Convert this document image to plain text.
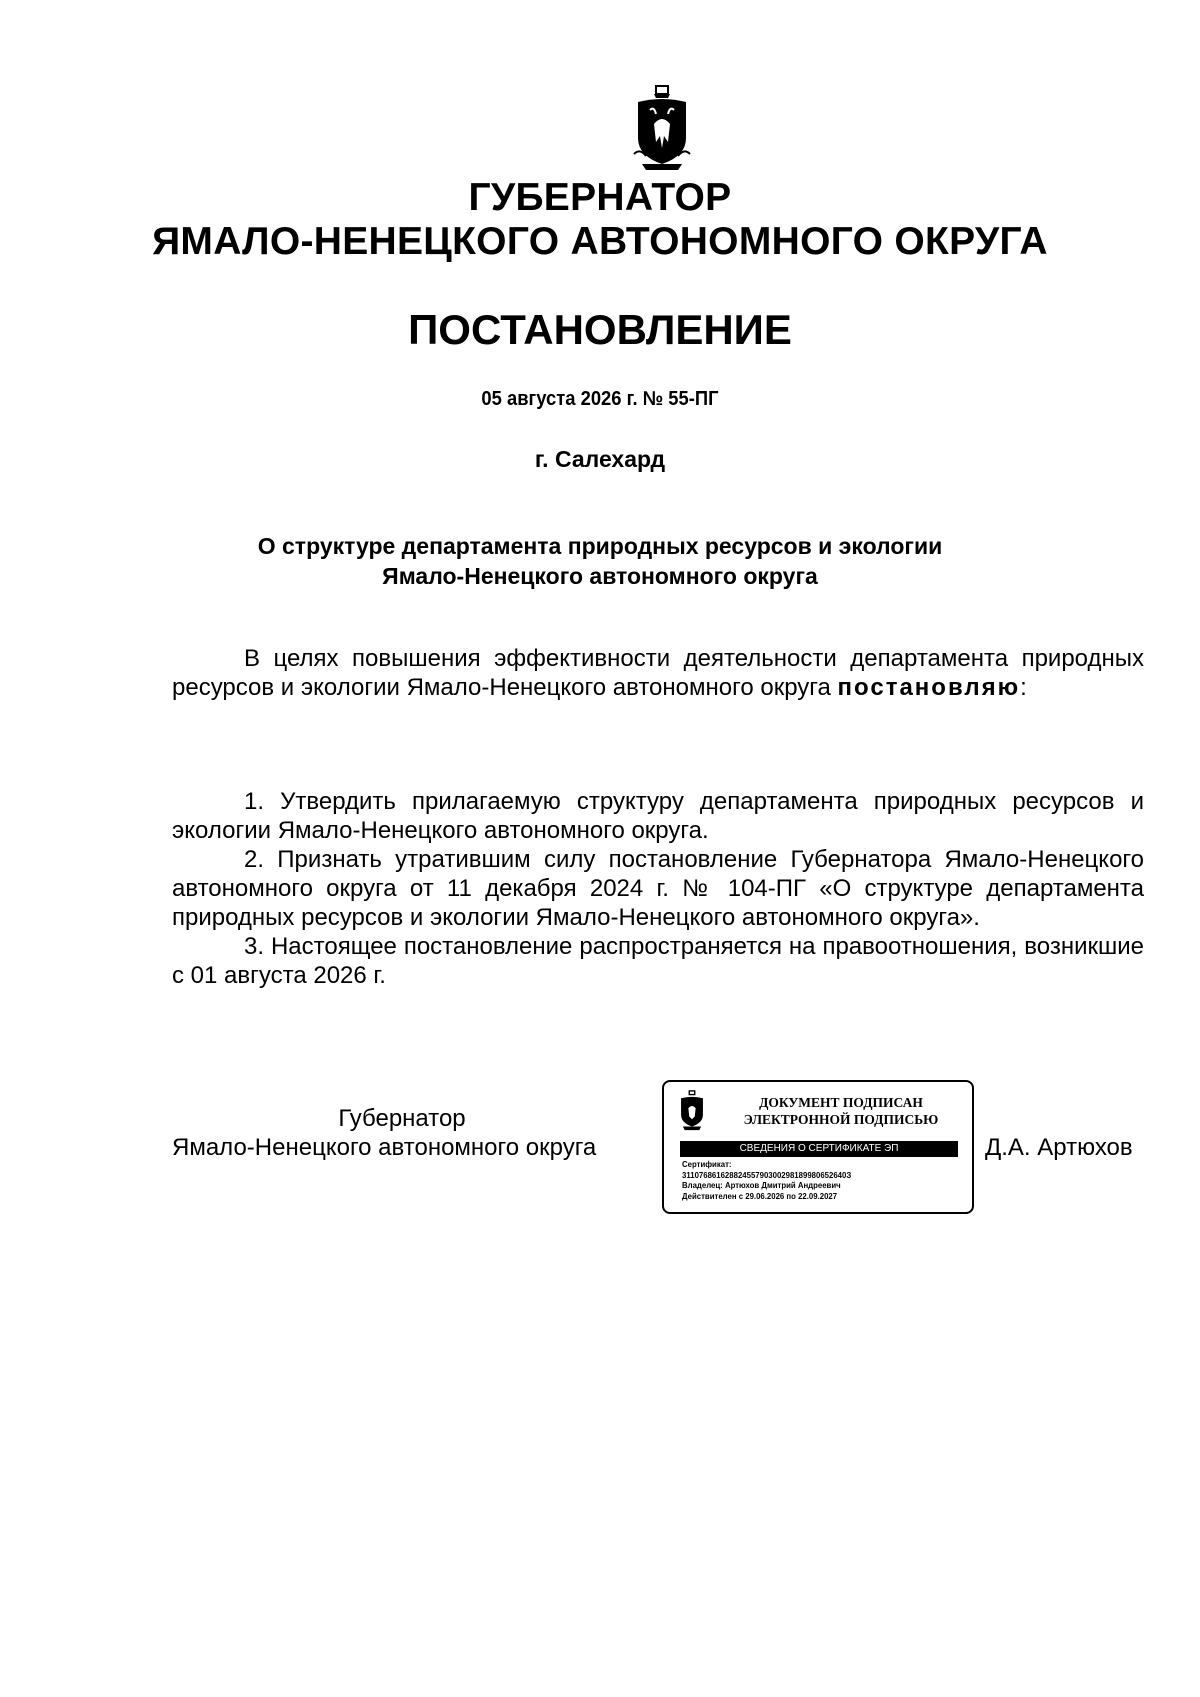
ГУБЕРНАТОР
ЯМАЛО-НЕНЕЦКОГО АВТОНОМНОГО ОКРУГА
ПОСТАНОВЛЕНИЕ
05 августа 2026 г. № 55-ПГ
г. Салехард
О структуре департамента природных ресурсов и экологии
Ямало-Ненецкого автономного округа

В целях повышения эффективности деятельности департамента природных ресурсов и экологии Ямало-Ненецкого автономного округа постановляю:

1. Утвердить прилагаемую структуру департамента природных ресурсов и экологии Ямало-Ненецкого автономного округа.

2. Признать утратившим силу постановление Губернатора Ямало-Ненецкого автономного округа от 11 декабря 2024 г. № 104-ПГ «О структуре департамента природных ресурсов и экологии Ямало-Ненецкого автономного округа».

3. Настоящее постановление распространяется на правоотношения, возникшие с 01 августа 2026 г.

Губернатор
Ямало-Ненецкого автономного округа
ДОКУМЕНТ ПОДПИСАН
ЭЛЕКТРОННОЙ ПОДПИСЬЮ
СВЕДЕНИЯ О СЕРТИФИКАТЕ ЭП
Сертификат:
31107686162882455790300298189980652640З
Владелец: Артюхов Дмитрий Андреевич
Действителен с 29.06.2026 по 22.09.2027
Д.А. Артюхов
